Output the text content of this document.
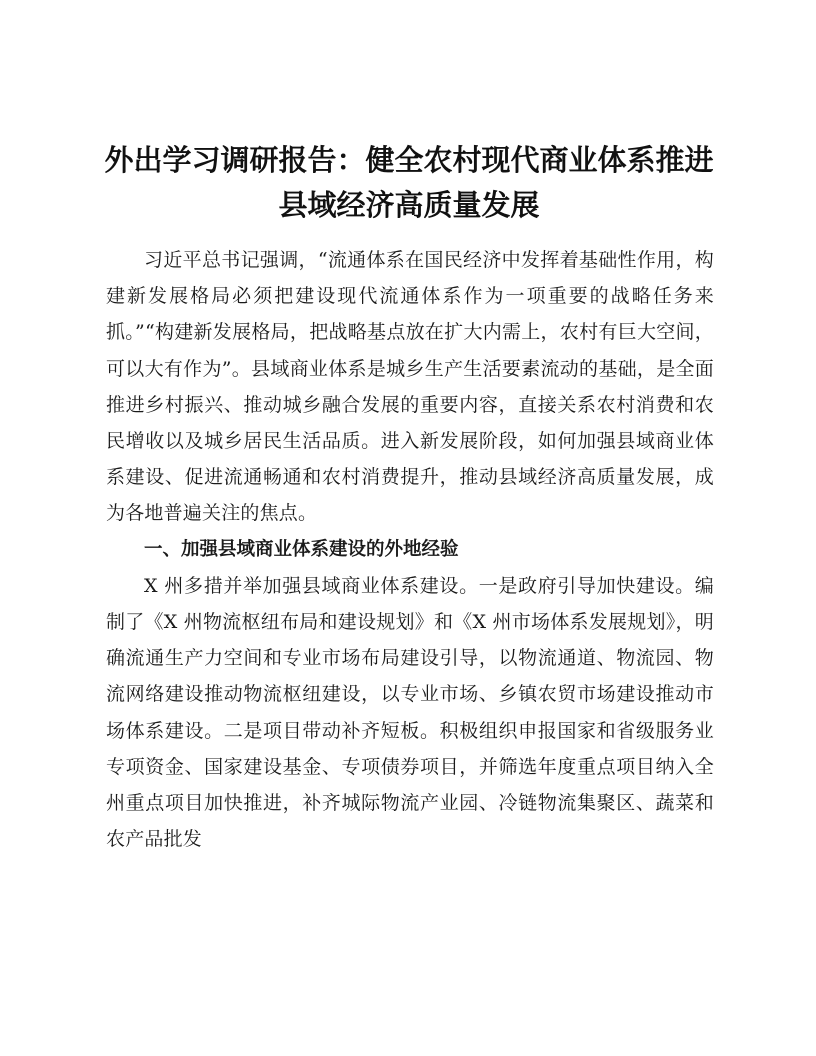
外出学习调研报告：健全农村现代商业体系推进县域经济高质量发展

习近平总书记强调，“流通体系在国民经济中发挥着基础性作用，构建新发展格局必须把建设现代流通体系作为一项重要的战略任务来抓。”“构建新发展格局，把战略基点放在扩大内需上，农村有巨大空间，可以大有作为”。县域商业体系是城乡生产生活要素流动的基础，是全面推进乡村振兴、推动城乡融合发展的重要内容，直接关系农村消费和农民增收以及城乡居民生活品质。进入新发展阶段，如何加强县域商业体系建设、促进流通畅通和农村消费提升，推动县域经济高质量发展，成为各地普遍关注的焦点。

一、加强县域商业体系建设的外地经验

X 州多措并举加强县域商业体系建设。一是政府引导加快建设。编制了《X 州物流枢纽布局和建设规划》和《X 州市场体系发展规划》，明确流通生产力空间和专业市场布局建设引导，以物流通道、物流园、物流网络建设推动物流枢纽建设，以专业市场、乡镇农贸市场建设推动市场体系建设。二是项目带动补齐短板。积极组织申报国家和省级服务业专项资金、国家建设基金、专项债券项目，并筛选年度重点项目纳入全州重点项目加快推进，补齐城际物流产业园、冷链物流集聚区、蔬菜和农产品批发
